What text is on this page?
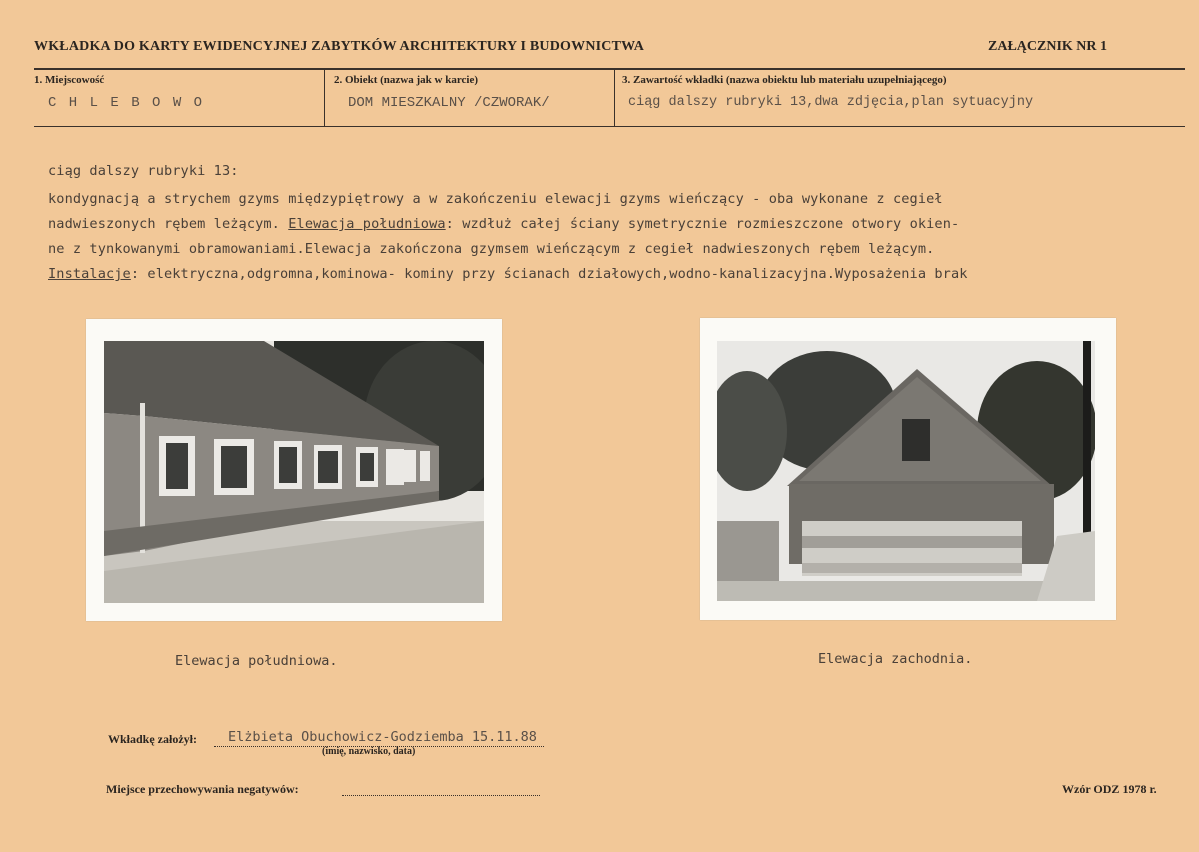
WKŁADKA DO KARTY EWIDENCYJNEJ ZABYTKÓW ARCHITEKTURY I BUDOWNICTWA	ZAŁĄCZNIK NR 1
1. Miejscowość
C H L E B O W O
2. Obiekt (nazwa jak w karcie)
DOM MIESZKALNY /CZWORAK/
3. Zawartość wkładki (nazwa obiektu lub materiału uzupełniającego)
ciąg dalszy rubryki 13,dwa zdjęcia,plan sytuacyjny
ciąg dalszy rubryki 13:
kondygnacją a strychem gzyms międzypiętrowy a w zakończeniu elewacji gzyms wieńczący - oba wykonane z cegieł
nadwieszonych rębem leżącym. Elewacja południowa: wzdłuż całej ściany symetrycznie rozmieszczone otwory okien-
ne z tynkowanymi obramowaniami.Elewacja zakończona gzymsem wieńczącym z cegieł nadwieszonych rębem leżącym.
Instalacje: elektryczna,odgromna,kominowa- kominy przy ścianach działowych,wodno-kanalizacyjna.Wyposażenia brak
Elewacja południowa.	Elewacja zachodnia.
Wkładkę założył: Elżbieta Obuchowicz-Godziemba 15.11.88
(imię, nazwisko, data)
Miejsce przechowywania negatywów:	Wzór ODZ 1978 r.
